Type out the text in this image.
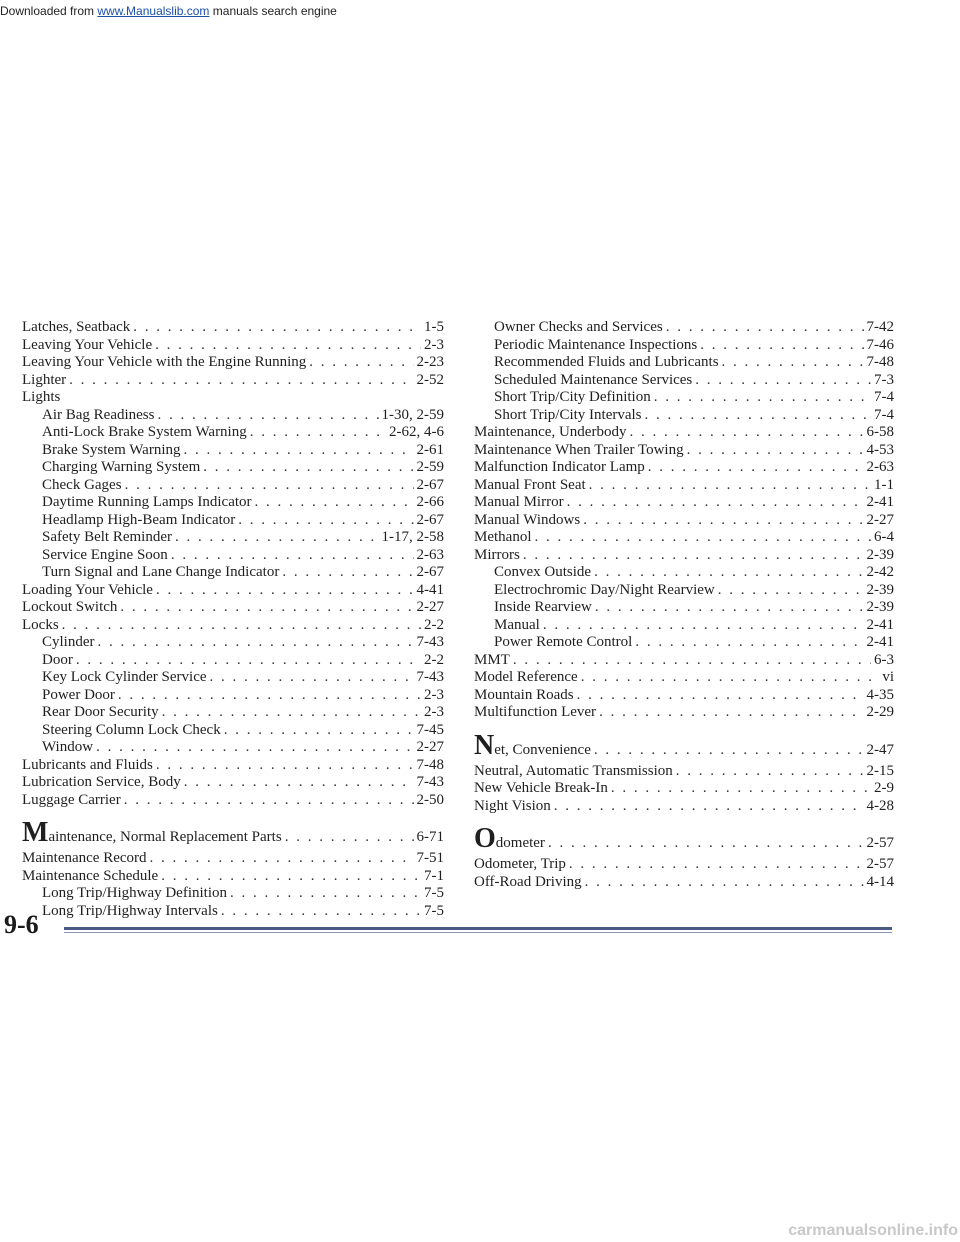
Downloaded from www.Manualslib.com manuals search engine
Latches, Seatback . . .	1-5
Leaving Your Vehicle . . .	2-3
Leaving Your Vehicle with the Engine Running . . .	2-23
Lighter . . .	2-52
Lights
Air Bag Readiness . . .	1-30, 2-59
Anti-Lock Brake System Warning . . .	2-62, 4-6
Brake System Warning . . .	2-61
Charging Warning System . . .	2-59
Check Gages . . .	2-67
Daytime Running Lamps Indicator . . .	2-66
Headlamp High-Beam Indicator . . .	2-67
Safety Belt Reminder . . .	1-17, 2-58
Service Engine Soon . . .	2-63
Turn Signal and Lane Change Indicator . . .	2-67
Loading Your Vehicle . . .	4-41
Lockout Switch . . .	2-27
Locks . . .	2-2
Cylinder . . .	7-43
Door . . .	2-2
Key Lock Cylinder Service . . .	7-43
Power Door . . .	2-3
Rear Door Security . . .	2-3
Steering Column Lock Check . . .	7-45
Window . . .	2-27
Lubricants and Fluids . . .	7-48
Lubrication Service, Body . . .	7-43
Luggage Carrier . . .	2-50
Maintenance, Normal Replacement Parts . . .	6-71
Maintenance Record . . .	7-51
Maintenance Schedule . . .	7-1
Long Trip/Highway Definition . . .	7-5
Long Trip/Highway Intervals . . .	7-5
Owner Checks and Services . . .	7-42
Periodic Maintenance Inspections . . .	7-46
Recommended Fluids and Lubricants . . .	7-48
Scheduled Maintenance Services . . .	7-3
Short Trip/City Definition . . .	7-4
Short Trip/City Intervals . . .	7-4
Maintenance, Underbody . . .	6-58
Maintenance When Trailer Towing . . .	4-53
Malfunction Indicator Lamp . . .	2-63
Manual Front Seat . . .	1-1
Manual Mirror . . .	2-41
Manual Windows . . .	2-27
Methanol . . .	6-4
Mirrors . . .	2-39
Convex Outside . . .	2-42
Electrochromic Day/Night Rearview . . .	2-39
Inside Rearview . . .	2-39
Manual . . .	2-41
Power Remote Control . . .	2-41
MMT . . .	6-3
Model Reference . . .	vi
Mountain Roads . . .	4-35
Multifunction Lever . . .	2-29
Net, Convenience . . .	2-47
Neutral, Automatic Transmission . . .	2-15
New Vehicle Break-In . . .	2-9
Night Vision . . .	4-28
Odometer . . .	2-57
Odometer, Trip . . .	2-57
Off-Road Driving . . .	4-14
9-6
carmanualsonline.info
